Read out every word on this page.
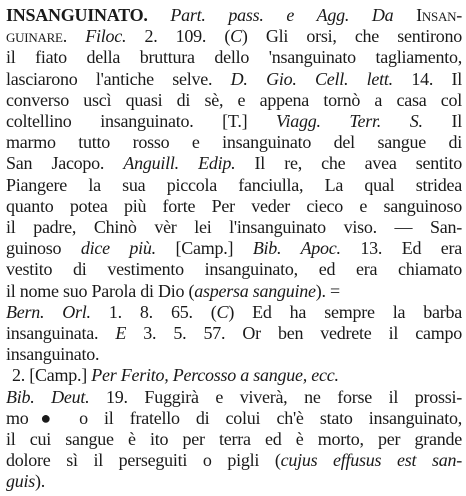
INSANGUINATO. Part. pass. e Agg. Da Insan-
guinare. Filoc. 2. 109. (C) Gli orsi, che sentirono
il fiato della bruttura dello 'nsanguinato tagliamento,
lasciarono l'antiche selve. D. Gio. Cell. lett. 14. Il
converso uscì quasi di sè, e appena tornò a casa col
coltellino insanguinato. [T.] Viagg. Terr. S. Il
marmo tutto rosso e insanguinato del sangue di
San Jacopo. Anguill. Edip. Il re, che avea sentito
Piangere la sua piccola fanciulla, La qual stridea
quanto potea più forte Per veder cieco e sanguinoso
il padre, Chinò vèr lei l'insanguinato viso. — San-
guinoso dice più. [Camp.] Bib. Apoc. 13. Ed era
vestito di vestimento insanguinato, ed era chiamato
il nome suo Parola di Dio (aspersa sanguine). =
Bern. Orl. 1. 8. 65. (C) Ed ha sempre la barba
insanguinata. E 3. 5. 57. Or ben vedrete il campo
insanguinato.
2. [Camp.] Per Ferito, Percosso a sangue, ecc.
Bib. Deut. 19. Fuggirà e viverà, ne forse il prossi-
mo● o il fratello di colui ch'è stato insanguinato,
il cui sangue è ito per terra ed è morto, per grande
dolore sì il perseguiti o pigli (cujus effusus est san-
guis).
